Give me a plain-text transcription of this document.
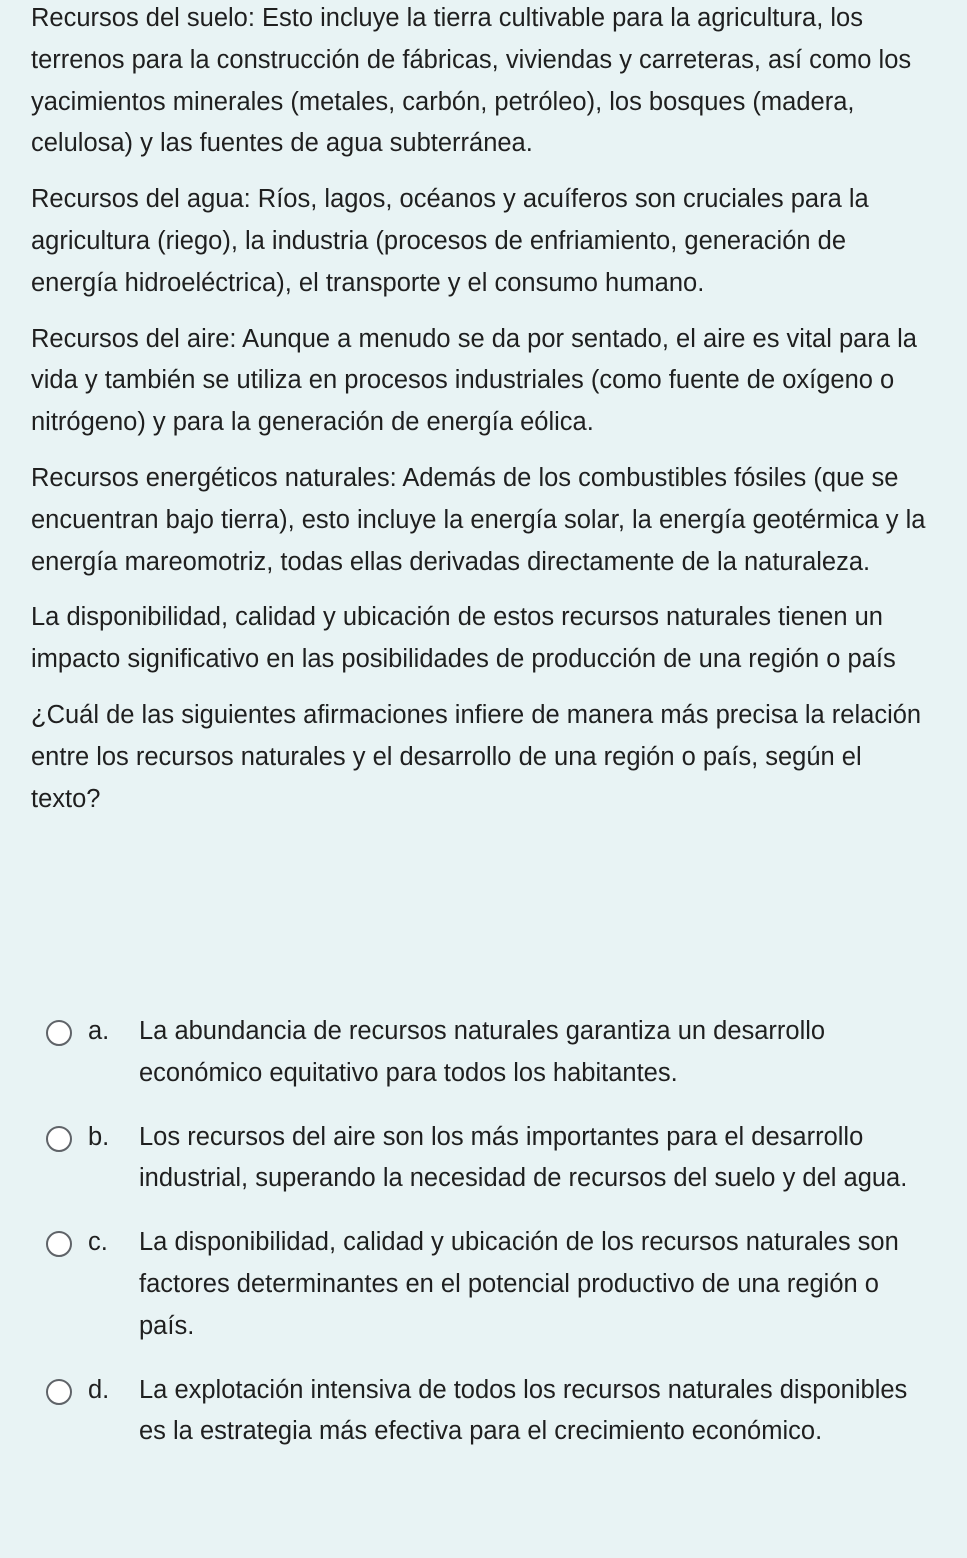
Recursos del suelo: Esto incluye la tierra cultivable para la agricultura, los terrenos para la construcción de fábricas, viviendas y carreteras, así como los yacimientos minerales (metales, carbón, petróleo), los bosques (madera, celulosa) y las fuentes de agua subterránea.

Recursos del agua: Ríos, lagos, océanos y acuíferos son cruciales para la agricultura (riego), la industria (procesos de enfriamiento, generación de energía hidroeléctrica), el transporte y el consumo humano.

Recursos del aire: Aunque a menudo se da por sentado, el aire es vital para la vida y también se utiliza en procesos industriales (como fuente de oxígeno o nitrógeno) y para la generación de energía eólica.

Recursos energéticos naturales: Además de los combustibles fósiles (que se encuentran bajo tierra), esto incluye la energía solar, la energía geotérmica y la energía mareomotriz, todas ellas derivadas directamente de la naturaleza.

La disponibilidad, calidad y ubicación de estos recursos naturales tienen un impacto significativo en las posibilidades de producción de una región o país

¿Cuál de las siguientes afirmaciones infiere de manera más precisa la relación entre los recursos naturales y el desarrollo de una región o país, según el texto?

a. La abundancia de recursos naturales garantiza un desarrollo económico equitativo para todos los habitantes.
b. Los recursos del aire son los más importantes para el desarrollo industrial, superando la necesidad de recursos del suelo y del agua.
c. La disponibilidad, calidad y ubicación de los recursos naturales son factores determinantes en el potencial productivo de una región o país.
d. La explotación intensiva de todos los recursos naturales disponibles es la estrategia más efectiva para el crecimiento económico.
